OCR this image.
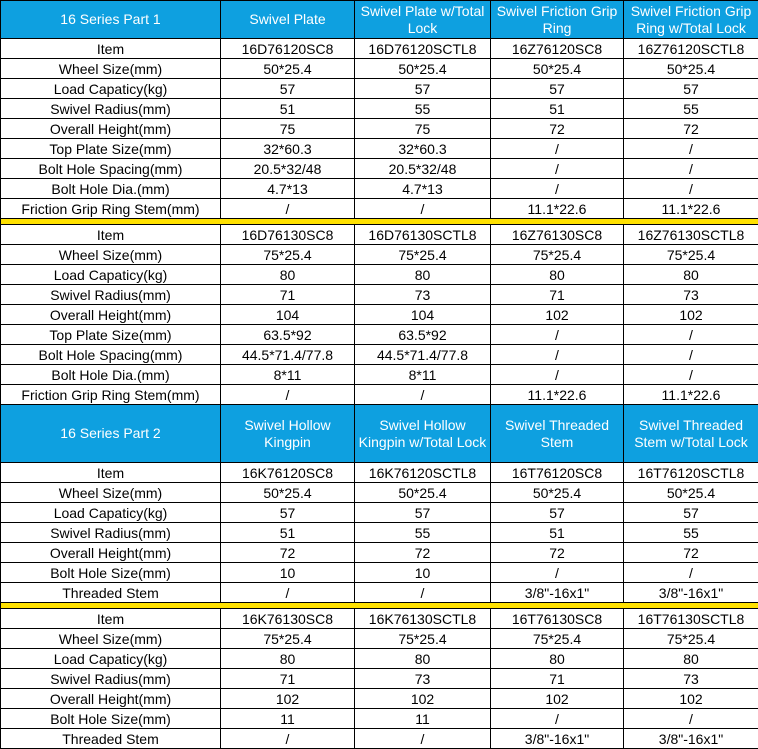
16 Series Part 1	Swivel Plate	Swivel Plate w/Total Lock	Swivel Friction Grip Ring	Swivel Friction Grip Ring w/Total Lock
Item	16D76120SC8	16D76120SCTL8	16Z76120SC8	16Z76120SCTL8
Wheel Size(mm)	50*25.4	50*25.4	50*25.4	50*25.4
Load Capaticy(kg)	57	57	57	57
Swivel Radius(mm)	51	55	51	55
Overall Height(mm)	75	75	72	72
Top Plate Size(mm)	32*60.3	32*60.3	/	/
Bolt Hole Spacing(mm)	20.5*32/48	20.5*32/48	/	/
Bolt Hole Dia.(mm)	4.7*13	4.7*13	/	/
Friction Grip Ring Stem(mm)	/	/	11.1*22.6	11.1*22.6

Item	16D76130SC8	16D76130SCTL8	16Z76130SC8	16Z76130SCTL8
Wheel Size(mm)	75*25.4	75*25.4	75*25.4	75*25.4
Load Capaticy(kg)	80	80	80	80
Swivel Radius(mm)	71	73	71	73
Overall Height(mm)	104	104	102	102
Top Plate Size(mm)	63.5*92	63.5*92	/	/
Bolt Hole Spacing(mm)	44.5*71.4/77.8	44.5*71.4/77.8	/	/
Bolt Hole Dia.(mm)	8*11	8*11	/	/
Friction Grip Ring Stem(mm)	/	/	11.1*22.6	11.1*22.6
16 Series Part 2	Swivel Hollow Kingpin	Swivel Hollow Kingpin w/Total Lock	Swivel Threaded Stem	Swivel Threaded Stem w/Total Lock
Item	16K76120SC8	16K76120SCTL8	16T76120SC8	16T76120SCTL8
Wheel Size(mm)	50*25.4	50*25.4	50*25.4	50*25.4
Load Capaticy(kg)	57	57	57	57
Swivel Radius(mm)	51	55	51	55
Overall Height(mm)	72	72	72	72
Bolt Hole Size(mm)	10	10	/	/
Threaded Stem	/	/	3/8"-16x1"	3/8"-16x1"

Item	16K76130SC8	16K76130SCTL8	16T76130SC8	16T76130SCTL8
Wheel Size(mm)	75*25.4	75*25.4	75*25.4	75*25.4
Load Capaticy(kg)	80	80	80	80
Swivel Radius(mm)	71	73	71	73
Overall Height(mm)	102	102	102	102
Bolt Hole Size(mm)	11	11	/	/
Threaded Stem	/	/	3/8"-16x1"	3/8"-16x1"
